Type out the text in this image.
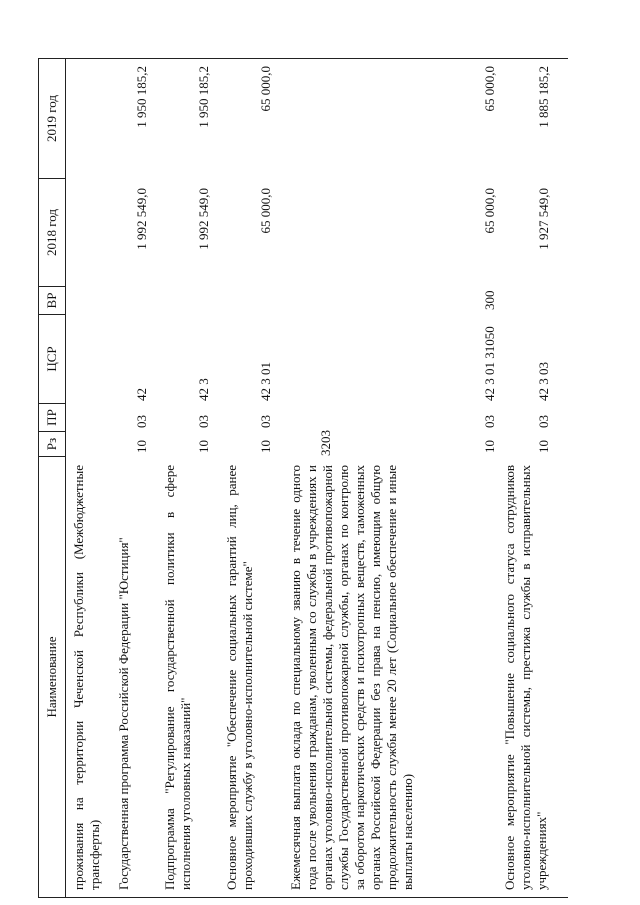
3203
Наименование
Рз
ПР
ЦСР
ВР
2018 год
2019 год
проживания на территории Чеченской Республики (Межбюджетные трансферты) Государственная программа Российской Федерации "Юстиция"
10
03
42
1 992 549,0
1 950 185,2
Подпрограмма "Регулирование государственной политики в сфере исполнения уголовных наказаний"
10
03
42 3
1 992 549,0
1 950 185,2
Основное мероприятие "Обеспечение социальных гарантий лиц, ранее проходивших службу в уголовно-исполнительной системе"
10
03
42 3 01
65 000,0
65 000,0
Ежемесячная выплата оклада по специальному званию в течение одного года после увольнения гражданам, уволенным со службы в учреждениях и органах уголовно-исполнительной системы, федеральной противопожарной службы Государственной противопожарной службы, органах по контролю за оборотом наркотических средств и психотропных веществ, таможенных органах Российской Федерации без права на пенсию, имеющим общую продолжительность службы менее 20 лет (Социальное обеспечение и иные выплаты населению)
10
03
42 3 01 31050
300
65 000,0
65 000,0
Основное мероприятие "Повышение социального статуса сотрудников уголовно-исполнительной системы, престижа службы в исправительных учреждениях"
10
03
42 3 03
1 927 549,0
1 885 185,2
